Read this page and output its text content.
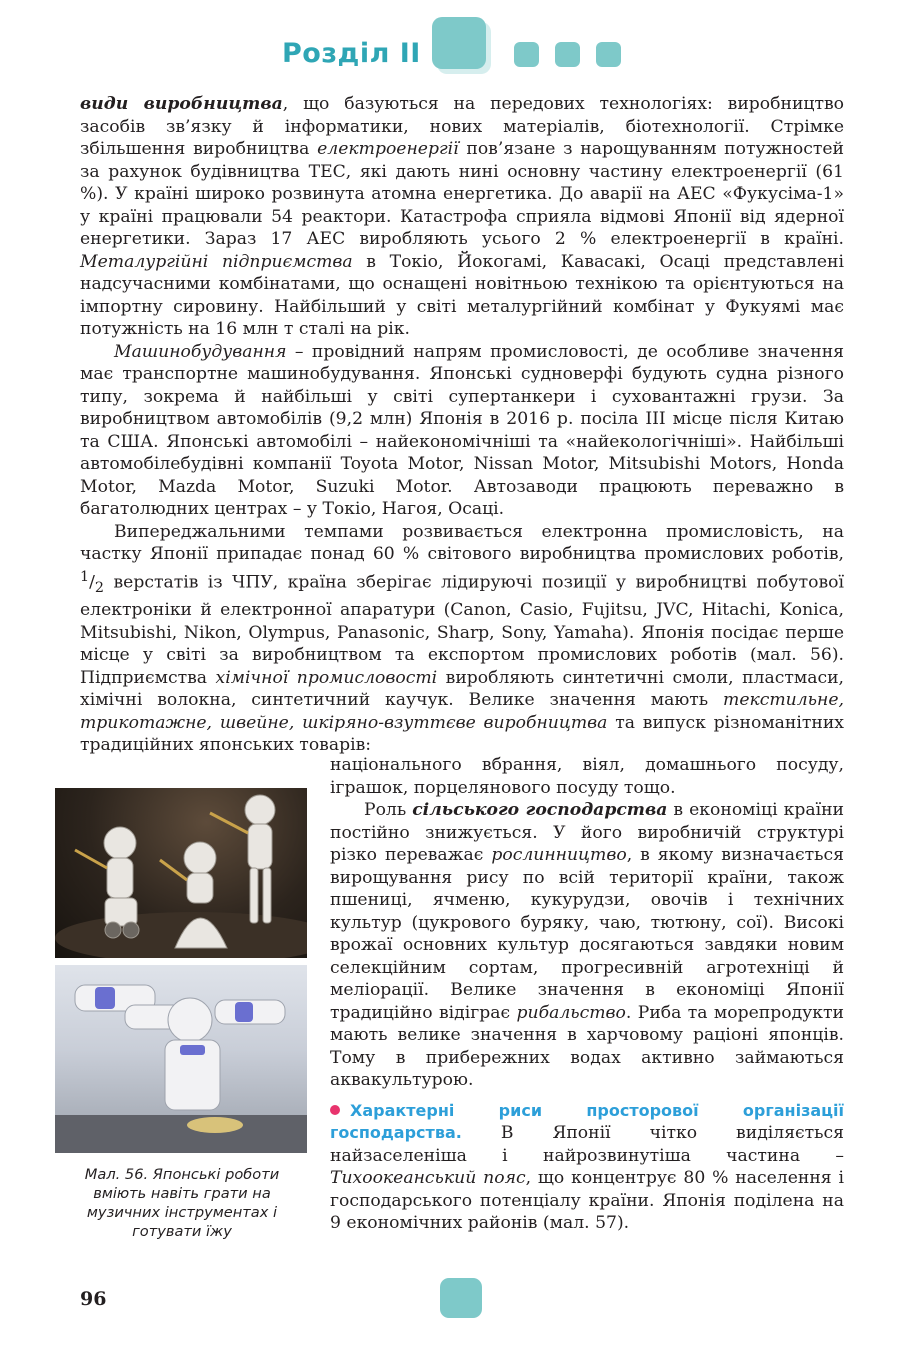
Розділ ІІ

види виробництва, що базуються на передових технологіях: виробництво засобів зв’язку й інформатики, нових матеріалів, біотехнології. Стрімке збільшення виробництва електроенергії пов’язане з нарощуванням потужностей за рахунок будівництва ТЕС, які дають нині основну частину електроенергії (61 %). У країні широко розвинута атомна енергетика. До аварії на АЕС «Фукусіма-1» у країні працювали 54 реактори. Катастрофа сприяла відмові Японії від ядерної енергетики. Зараз 17 АЕС виробляють усього 2 % електроенергії в країні. Металургійні підприємства в Токіо, Йокогамі, Кавасакі, Осаці представлені надсучасними комбінатами, що оснащені новітньою технікою та орієнтуються на імпортну сировину. Найбільший у світі металургійний комбінат у Фукуямі має потужність на 16 млн т сталі на рік.

Машинобудування – провідний напрям промисловості, де особливе значення має транспортне машинобудування. Японські судноверфі будують судна різного типу, зокрема й найбільші у світі супертанкери і суховантажні грузи. За виробництвом автомобілів (9,2 млн) Японія в 2016 р. посіла ІІІ місце після Китаю та США. Японські автомобілі – найекономічніші та «найекологічніші». Найбільші автомобілебудівні компанії Toyota Motor, Nissan Motor, Mitsubishi Motors, Honda Motor, Mazda Motor, Suzuki Motor. Автозаводи працюють переважно в багатолюдних центрах – у Токіо, Нагоя, Осаці.

Випереджальними темпами розвивається електронна промисловість, на частку Японії припадає понад 60 % світового виробництва промислових роботів, $^1/_2$ верстатів із ЧПУ, країна зберігає лідируючі позиції у виробництві побутової електроніки й електронної апаратури (Canon, Casio, Fujitsu, JVC, Hitachi, Konica, Mitsubishi, Nikon, Olympus, Panasonic, Sharp, Sony, Yamaha). Японія посідає перше місце у світі за виробництвом та експортом промислових роботів (мал. 56). Підприємства хімічної промисловості виробляють синтетичні смоли, пластмаси, хімічні волокна, синтетичний каучук. Велике значення мають текстильне, трикотажне, швейне, шкіряно-взуттєве виробництва та випуск різноманітних традиційних японських товарів:

національного вбрання, віял, домашнього посуду, іграшок, порцелянового посуду тощо.

Роль сільського господарства в економіці країни постійно знижується. У його виробничій структурі різко переважає рослинництво, в якому визначається вирощування рису по всій території країни, також пшениці, ячменю, кукурудзи, овочів і технічних культур (цукрового буряку, чаю, тютюну, сої). Високі врожаї основних культур досягаються завдяки новим селекційним сортам, прогресивній агротехніці й меліорації. Велике значення в економіці Японії традиційно відіграє рибальство. Риба та морепродукти мають велике значення в харчовому раціоні японців. Тому в прибережних водах активно займаються аквакультурою.

Характерні риси просторової організації господарства. В Японії чітко виділяється найзаселеніша і найрозвинутіша частина – Тихоокеанський пояс, що концентрує 80 % населення і господарського потенціалу країни. Японія поділена на 9 економічних районів (мал. 57).

Мал. 56. Японські роботи вміють навіть грати на музичних інструментах і готувати їжу
96
